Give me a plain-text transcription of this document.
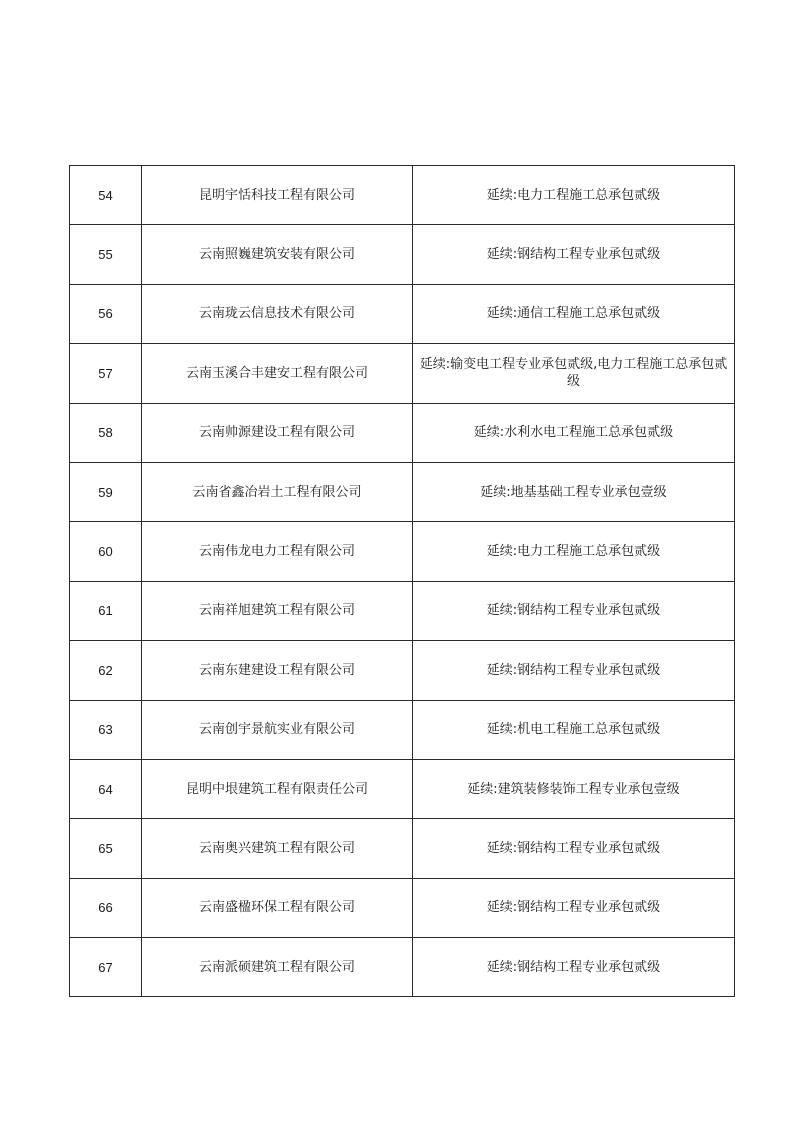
54	昆明宇恬科技工程有限公司	延续:电力工程施工总承包贰级
55	云南照巍建筑安装有限公司	延续:钢结构工程专业承包贰级
56	云南珑云信息技术有限公司	延续:通信工程施工总承包贰级
57	云南玉溪合丰建安工程有限公司	延续:输变电工程专业承包贰级,电力工程施工总承包贰级
58	云南帅源建设工程有限公司	延续:水利水电工程施工总承包贰级
59	云南省鑫冶岩土工程有限公司	延续:地基基础工程专业承包壹级
60	云南伟龙电力工程有限公司	延续:电力工程施工总承包贰级
61	云南祥旭建筑工程有限公司	延续:钢结构工程专业承包贰级
62	云南东建建设工程有限公司	延续:钢结构工程专业承包贰级
63	云南创宇景航实业有限公司	延续:机电工程施工总承包贰级
64	昆明中垠建筑工程有限责任公司	延续:建筑装修装饰工程专业承包壹级
65	云南奥兴建筑工程有限公司	延续:钢结构工程专业承包贰级
66	云南盛楹环保工程有限公司	延续:钢结构工程专业承包贰级
67	云南派硕建筑工程有限公司	延续:钢结构工程专业承包贰级
